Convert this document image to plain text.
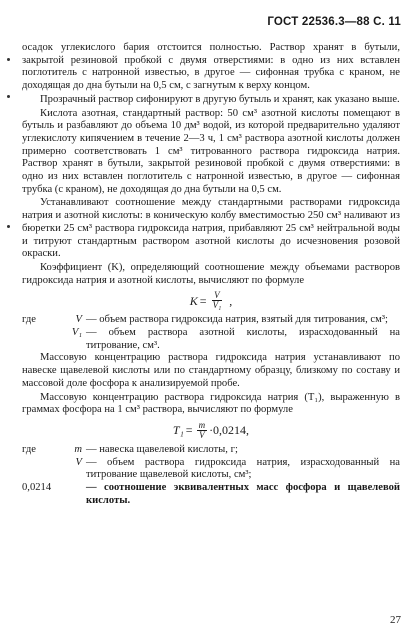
ГОСТ 22536.3—88 С. 11

осадок углекислого бария отстоится полностью. Раствор хранят в бутыли, закрытой резиновой пробкой с двумя отверстиями: в одно из них вставлен поглотитель с натронной известью, в другое — сифонная трубка с краном, не доходящая до дна бутыли на 0,5 см, с загнутым к верху концом.

Прозрачный раствор сифонируют в другую бутыль и хранят, как указано выше.

Кислота азотная, стандартный раствор: 50 см³ азотной кислоты помещают в бутыль и разбавляют до объема 10 дм³ водой, из которой предварительно удаляют углекислоту кипячением в течение 2—3 ч, 1 см³ раствора азотной кислоты должен примерно соответствовать 1 см³ титрованного раствора гидроксида натрия. Раствор хранят в бутыли, закрытой резиновой пробкой с двумя отверстиями: в одно из них вставлен поглотитель с натронной известью, в другое — сифонная трубка (с краном), не доходящая до дна бутыли на 0,5 см.

Устанавливают соотношение между стандартными растворами гидроксида натрия и азотной кислоты: в коническую колбу вместимостью 250 см³ наливают из бюретки 25 см³ раствора гидроксида натрия, прибавляют 25 см³ нейтральной воды и титруют стандартным раствором азотной кислоты до исчезновения розовой окраски.

Коэффициент (K), определяющий соотношение между объемами растворов гидроксида натрия и азотной кислоты, вычисляют по формуле

$K = \frac{V}{\text{V₁}}$ ,
где	V — объем раствора гидроксида натрия, взятый для титрования, см³;
V₁ — объем раствора азотной кислоты, израсходованный на титрование, см³.

Массовую концентрацию раствора гидроксида натрия устанавливают по навеске щавелевой кислоты или по стандартному образцу, близкому по составу и массовой доле фосфора к анализируемой пробе.

Массовую концентрацию раствора гидроксида натрия (T₁), выраженную в граммах фосфора на 1 см³ раствора, вычисляют по формуле

$T_1 = \frac{m}{V} \cdot 0,0214$,
где	m — навеска щавелевой кислоты, г;
V — объем раствора гидроксида натрия, израсходованный на титрование щавелевой кислоты, см³;
0,0214	— соотношение эквивалентных масс фосфора и щавелевой кислоты.
27
